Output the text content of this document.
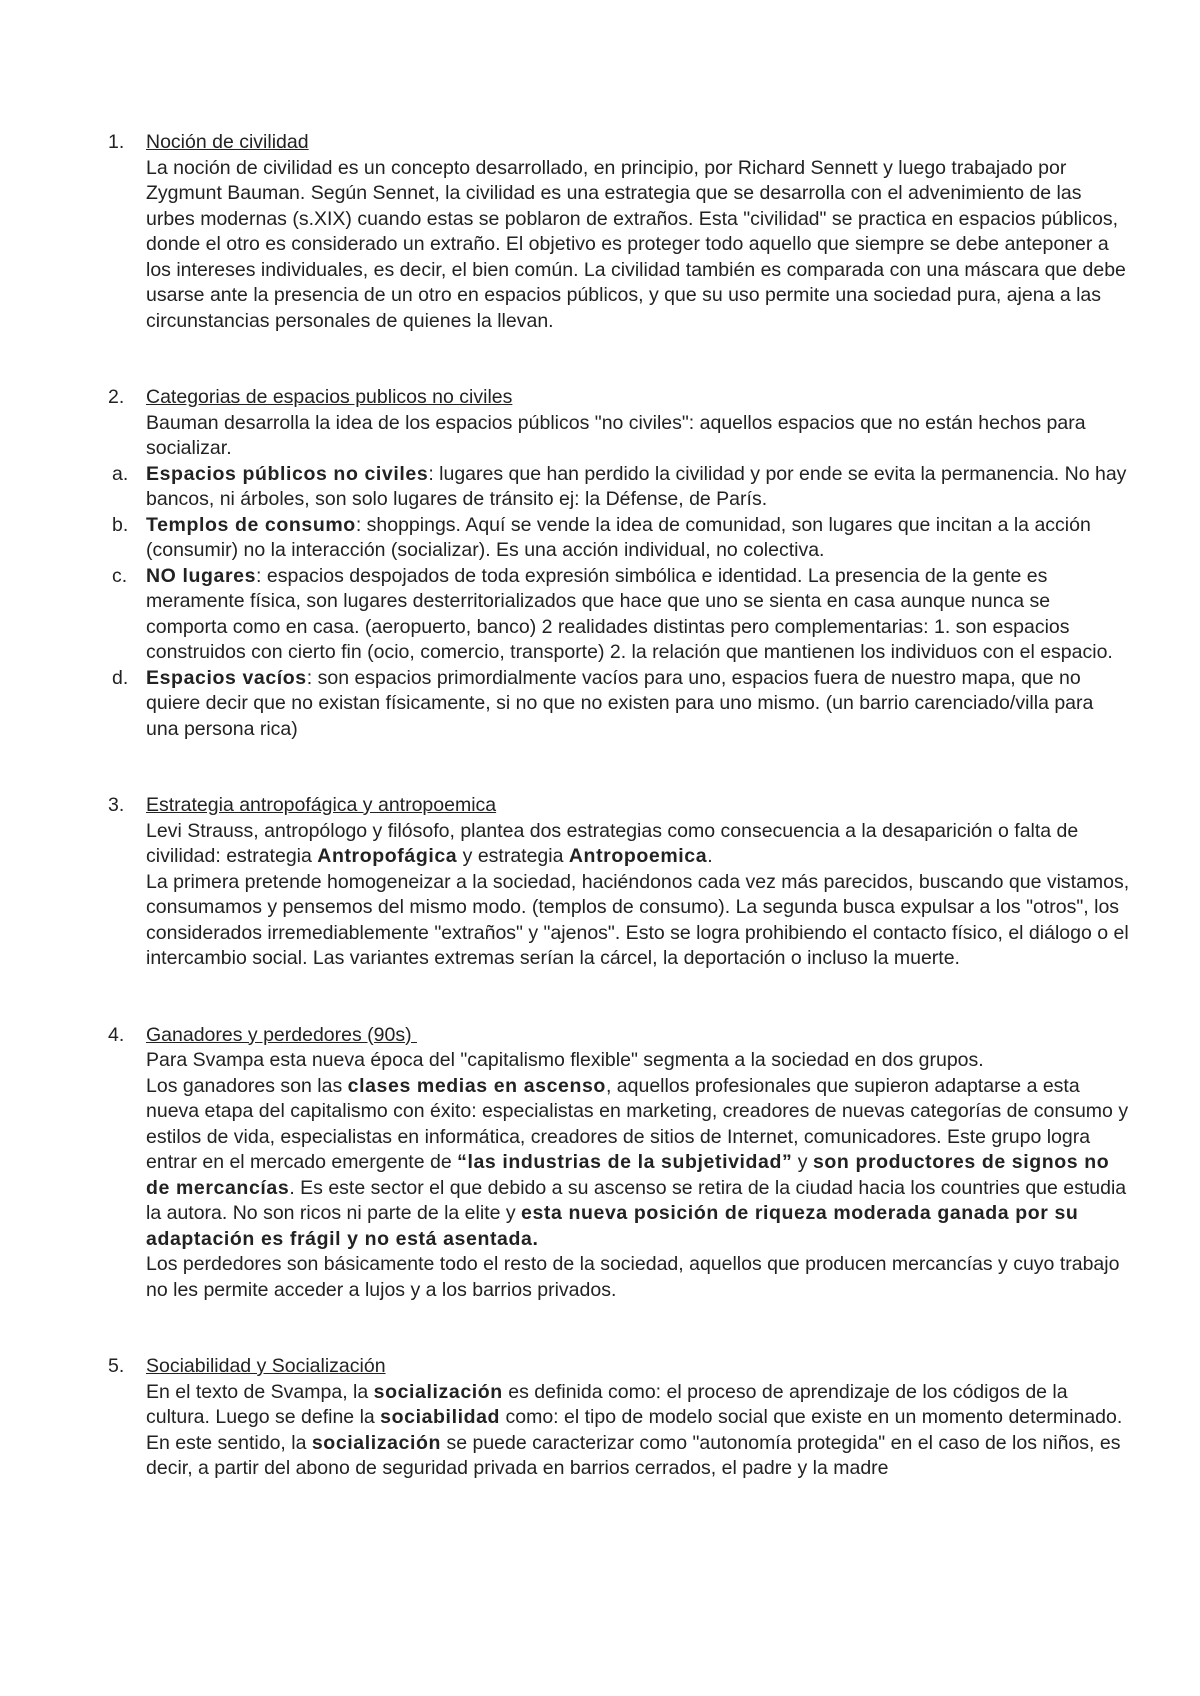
1. Noción de civilidad

La noción de civilidad es un concepto desarrollado, en principio, por Richard Sennett y luego trabajado por Zygmunt Bauman. Según Sennet, la civilidad es una estrategia que se desarrolla con el advenimiento de las urbes modernas (s.XIX) cuando estas se poblaron de extraños. Esta "civilidad" se practica en espacios públicos, donde el otro es considerado un extraño. El objetivo es proteger todo aquello que siempre se debe anteponer a los intereses individuales, es decir, el bien común. La civilidad también es comparada con una máscara que debe usarse ante la presencia de un otro en espacios públicos, y que su uso permite una sociedad pura, ajena a las circunstancias personales de quienes la llevan.

2. Categorias de espacios publicos no civiles

Bauman desarrolla la idea de los espacios públicos "no civiles": aquellos espacios que no están hechos para socializar.

a. Espacios públicos no civiles: lugares que han perdido la civilidad y por ende se evita la permanencia. No hay bancos, ni árboles, son solo lugares de tránsito ej: la Défense, de París.

b. Templos de consumo: shoppings. Aquí se vende la idea de comunidad, son lugares que incitan a la acción (consumir) no la interacción (socializar). Es una acción individual, no colectiva.

c. NO lugares: espacios despojados de toda expresión simbólica e identidad. La presencia de la gente es meramente física, son lugares desterritorializados que hace que uno se sienta en casa aunque nunca se comporta como en casa. (aeropuerto, banco) 2 realidades distintas pero complementarias: 1. son espacios construidos con cierto fin (ocio, comercio, transporte) 2. la relación que mantienen los individuos con el espacio.

d. Espacios vacíos: son espacios primordialmente vacíos para uno, espacios fuera de nuestro mapa, que no quiere decir que no existan físicamente, si no que no existen para uno mismo. (un barrio carenciado/villa para una persona rica)

3. Estrategia antropofágica y antropoemica

Levi Strauss, antropólogo y filósofo, plantea dos estrategias como consecuencia a la desaparición o falta de civilidad: estrategia Antropofágica y estrategia Antropoemica.

La primera pretende homogeneizar a la sociedad, haciéndonos cada vez más parecidos, buscando que vistamos, consumamos y pensemos del mismo modo. (templos de consumo). La segunda busca expulsar a los "otros", los considerados irremediablemente "extraños" y "ajenos". Esto se logra prohibiendo el contacto físico, el diálogo o el intercambio social. Las variantes extremas serían la cárcel, la deportación o incluso la muerte.

4. Ganadores y perdedores (90s)

Para Svampa esta nueva época del "capitalismo flexible" segmenta a la sociedad en dos grupos.

Los ganadores son las clases medias en ascenso, aquellos profesionales que supieron adaptarse a esta nueva etapa del capitalismo con éxito: especialistas en marketing, creadores de nuevas categorías de consumo y estilos de vida, especialistas en informática, creadores de sitios de Internet, comunicadores. Este grupo logra entrar en el mercado emergente de “las industrias de la subjetividad” y son productores de signos no de mercancías. Es este sector el que debido a su ascenso se retira de la ciudad hacia los countries que estudia la autora. No son ricos ni parte de la elite y esta nueva posición de riqueza moderada ganada por su adaptación es frágil y no está asentada.

Los perdedores son básicamente todo el resto de la sociedad, aquellos que producen mercancías y cuyo trabajo no les permite acceder a lujos y a los barrios privados.

5. Sociabilidad y Socialización

En el texto de Svampa, la socialización es definida como: el proceso de aprendizaje de los códigos de la cultura. Luego se define la sociabilidad como: el tipo de modelo social que existe en un momento determinado.

En este sentido, la socialización se puede caracterizar como "autonomía protegida" en el caso de los niños, es decir, a partir del abono de seguridad privada en barrios cerrados, el padre y la madre
